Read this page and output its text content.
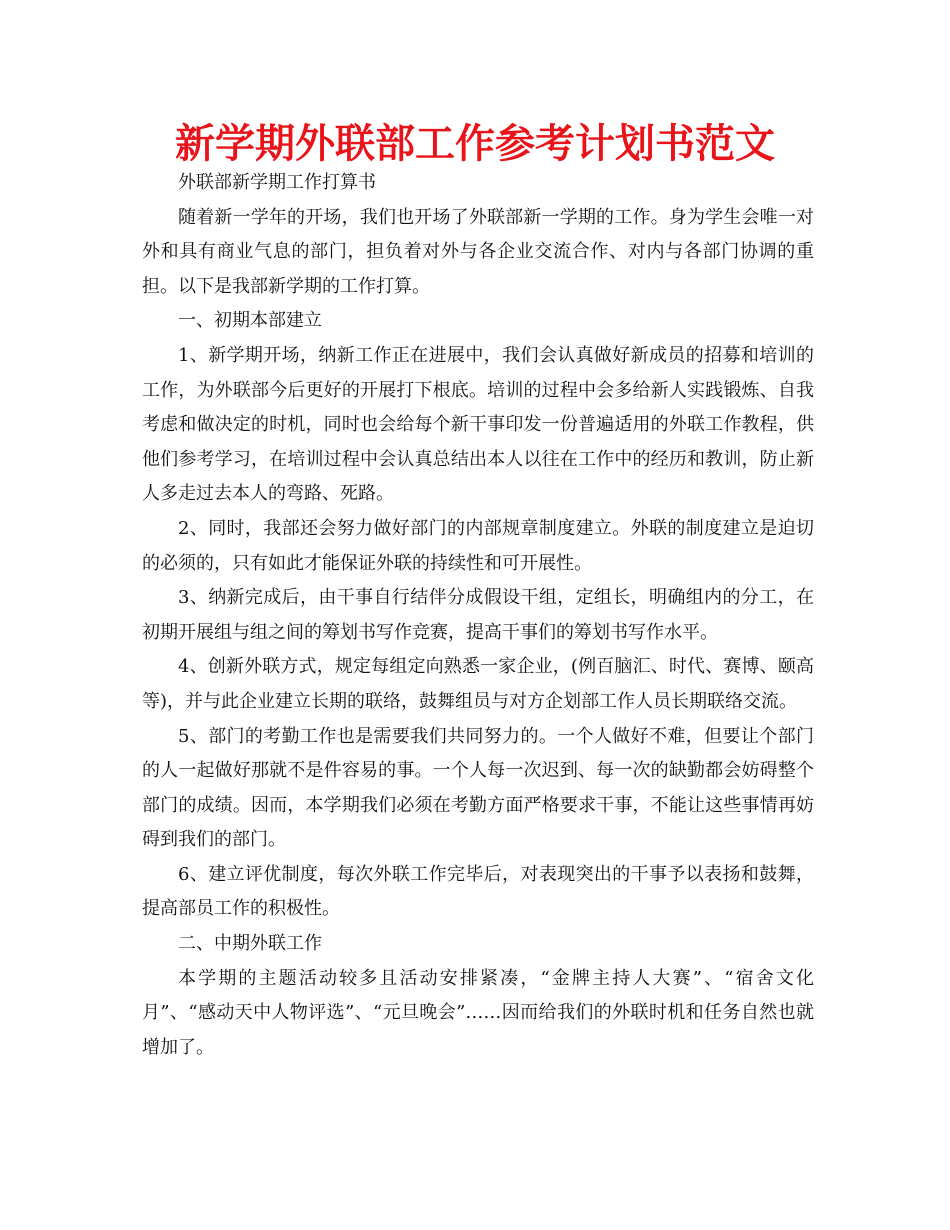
新学期外联部工作参考计划书范文

外联部新学期工作打算书

随着新一学年的开场，我们也开场了外联部新一学期的工作。身为学生会唯一对外和具有商业气息的部门，担负着对外与各企业交流合作、对内与各部门协调的重担。以下是我部新学期的工作打算。

一、初期本部建立

1、新学期开场，纳新工作正在进展中，我们会认真做好新成员的招募和培训的工作，为外联部今后更好的开展打下根底。培训的过程中会多给新人实践锻炼、自我考虑和做决定的时机，同时也会给每个新干事印发一份普遍适用的外联工作教程，供他们参考学习，在培训过程中会认真总结出本人以往在工作中的经历和教训，防止新人多走过去本人的弯路、死路。

2、同时，我部还会努力做好部门的内部规章制度建立。外联的制度建立是迫切的必须的，只有如此才能保证外联的持续性和可开展性。

3、纳新完成后，由干事自行结伴分成假设干组，定组长，明确组内的分工，在初期开展组与组之间的筹划书写作竞赛，提高干事们的筹划书写作水平。

4、创新外联方式，规定每组定向熟悉一家企业，(例百脑汇、时代、赛博、颐高等)，并与此企业建立长期的联络，鼓舞组员与对方企划部工作人员长期联络交流。

5、部门的考勤工作也是需要我们共同努力的。一个人做好不难，但要让个部门的人一起做好那就不是件容易的事。一个人每一次迟到、每一次的缺勤都会妨碍整个部门的成绩。因而，本学期我们必须在考勤方面严格要求干事，不能让这些事情再妨碍到我们的部门。

6、建立评优制度，每次外联工作完毕后，对表现突出的干事予以表扬和鼓舞，提高部员工作的积极性。

二、中期外联工作

本学期的主题活动较多且活动安排紧凑，“金牌主持人大赛”、“宿舍文化月”、“感动天中人物评选”、“元旦晚会”……因而给我们的外联时机和任务自然也就增加了。
